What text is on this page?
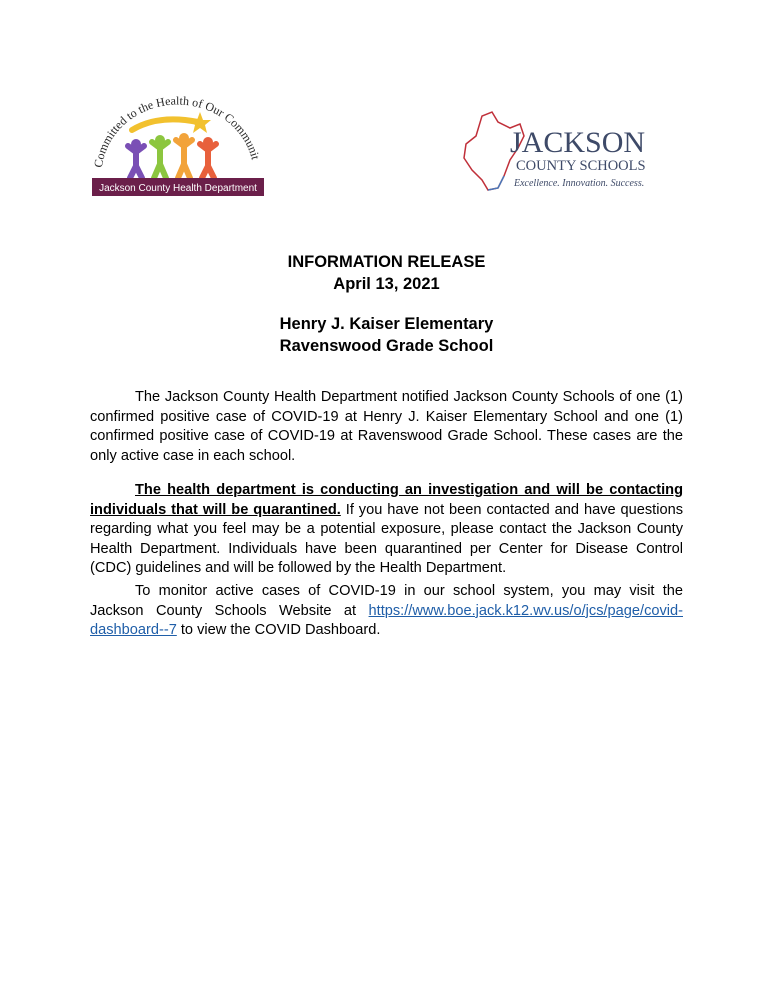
Committed to the Health of Our Communit
Jackson County Health Department
JACKSON
COUNTY SCHOOLS
Excellence. Innovation. Success.
INFORMATION RELEASE
April 13, 2021
Henry J. Kaiser Elementary
Ravenswood Grade School

The Jackson County Health Department notified Jackson County Schools of one (1) confirmed positive case of COVID-19 at Henry J. Kaiser Elementary School and one (1) confirmed positive case of COVID-19 at Ravenswood Grade School. These cases are the only active case in each school.

The health department is conducting an investigation and will be contacting individuals that will be quarantined. If you have not been contacted and have questions regarding what you feel may be a potential exposure, please contact the Jackson County Health Department. Individuals have been quarantined per Center for Disease Control (CDC) guidelines and will be followed by the Health Department.

To monitor active cases of COVID-19 in our school system, you may visit the Jackson County Schools Website at https://www.boe.jack.k12.wv.us/o/jcs/page/covid-dashboard--7 to view the COVID Dashboard.
